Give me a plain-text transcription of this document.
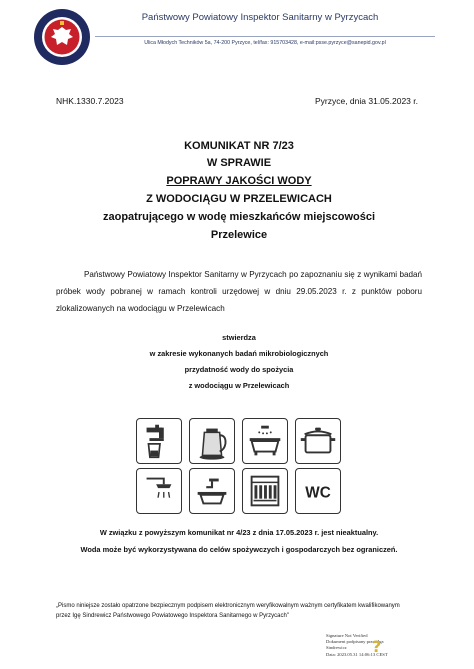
Państwowy Powiatowy Inspektor Sanitarny w Pyrzycach
Ulica Młodych Techników 5a, 74-200 Pyrzyce, tel/fax: 915703428, e-mail:psse.pyrzyce@sanepid.gov.pl
Pyrzyce, dnia 31.05.2023 r.
NHK.1330.7.2023
KOMUNIKAT NR 7/23
W SPRAWIE
POPRAWY JAKOŚCI WODY
Z WODOCIĄGU W PRZELEWICACH
zaopatrującego w wodę mieszkańców miejscowości
Przelewice
Państwowy Powiatowy Inspektor Sanitarny w Pyrzycach po zapoznaniu się z wynikami badań próbek wody pobranej w ramach kontroli urzędowej w dniu 29.05.2023 r. z punktów poboru zlokalizowanych na wodociągu w Przelewicach
stwierdza
w zakresie wykonanych badań mikrobiologicznych
przydatność wody do spożycia
z wodociągu w Przelewicach
WC
W związku z powyższym komunikat nr 4/23 z dnia 17.05.2023 r. jest nieaktualny.
Woda może być wykorzystywana do celów spożywczych i gospodarczych bez ograniczeń.
„Pismo niniejsze zostało opatrzone bezpiecznym podpisem elektronicznym weryfikowalnym ważnym certyfikatem kwalifikowanym przez Igę Sindrewicz Państwowego Powiatowego Inspektora Sanitarnego w Pyrzycach"
Signature Not Verified
Dokument podpisany przez Iga
Sindrewicz
Data: 2023.05.31 14:06:13 CEST
?
